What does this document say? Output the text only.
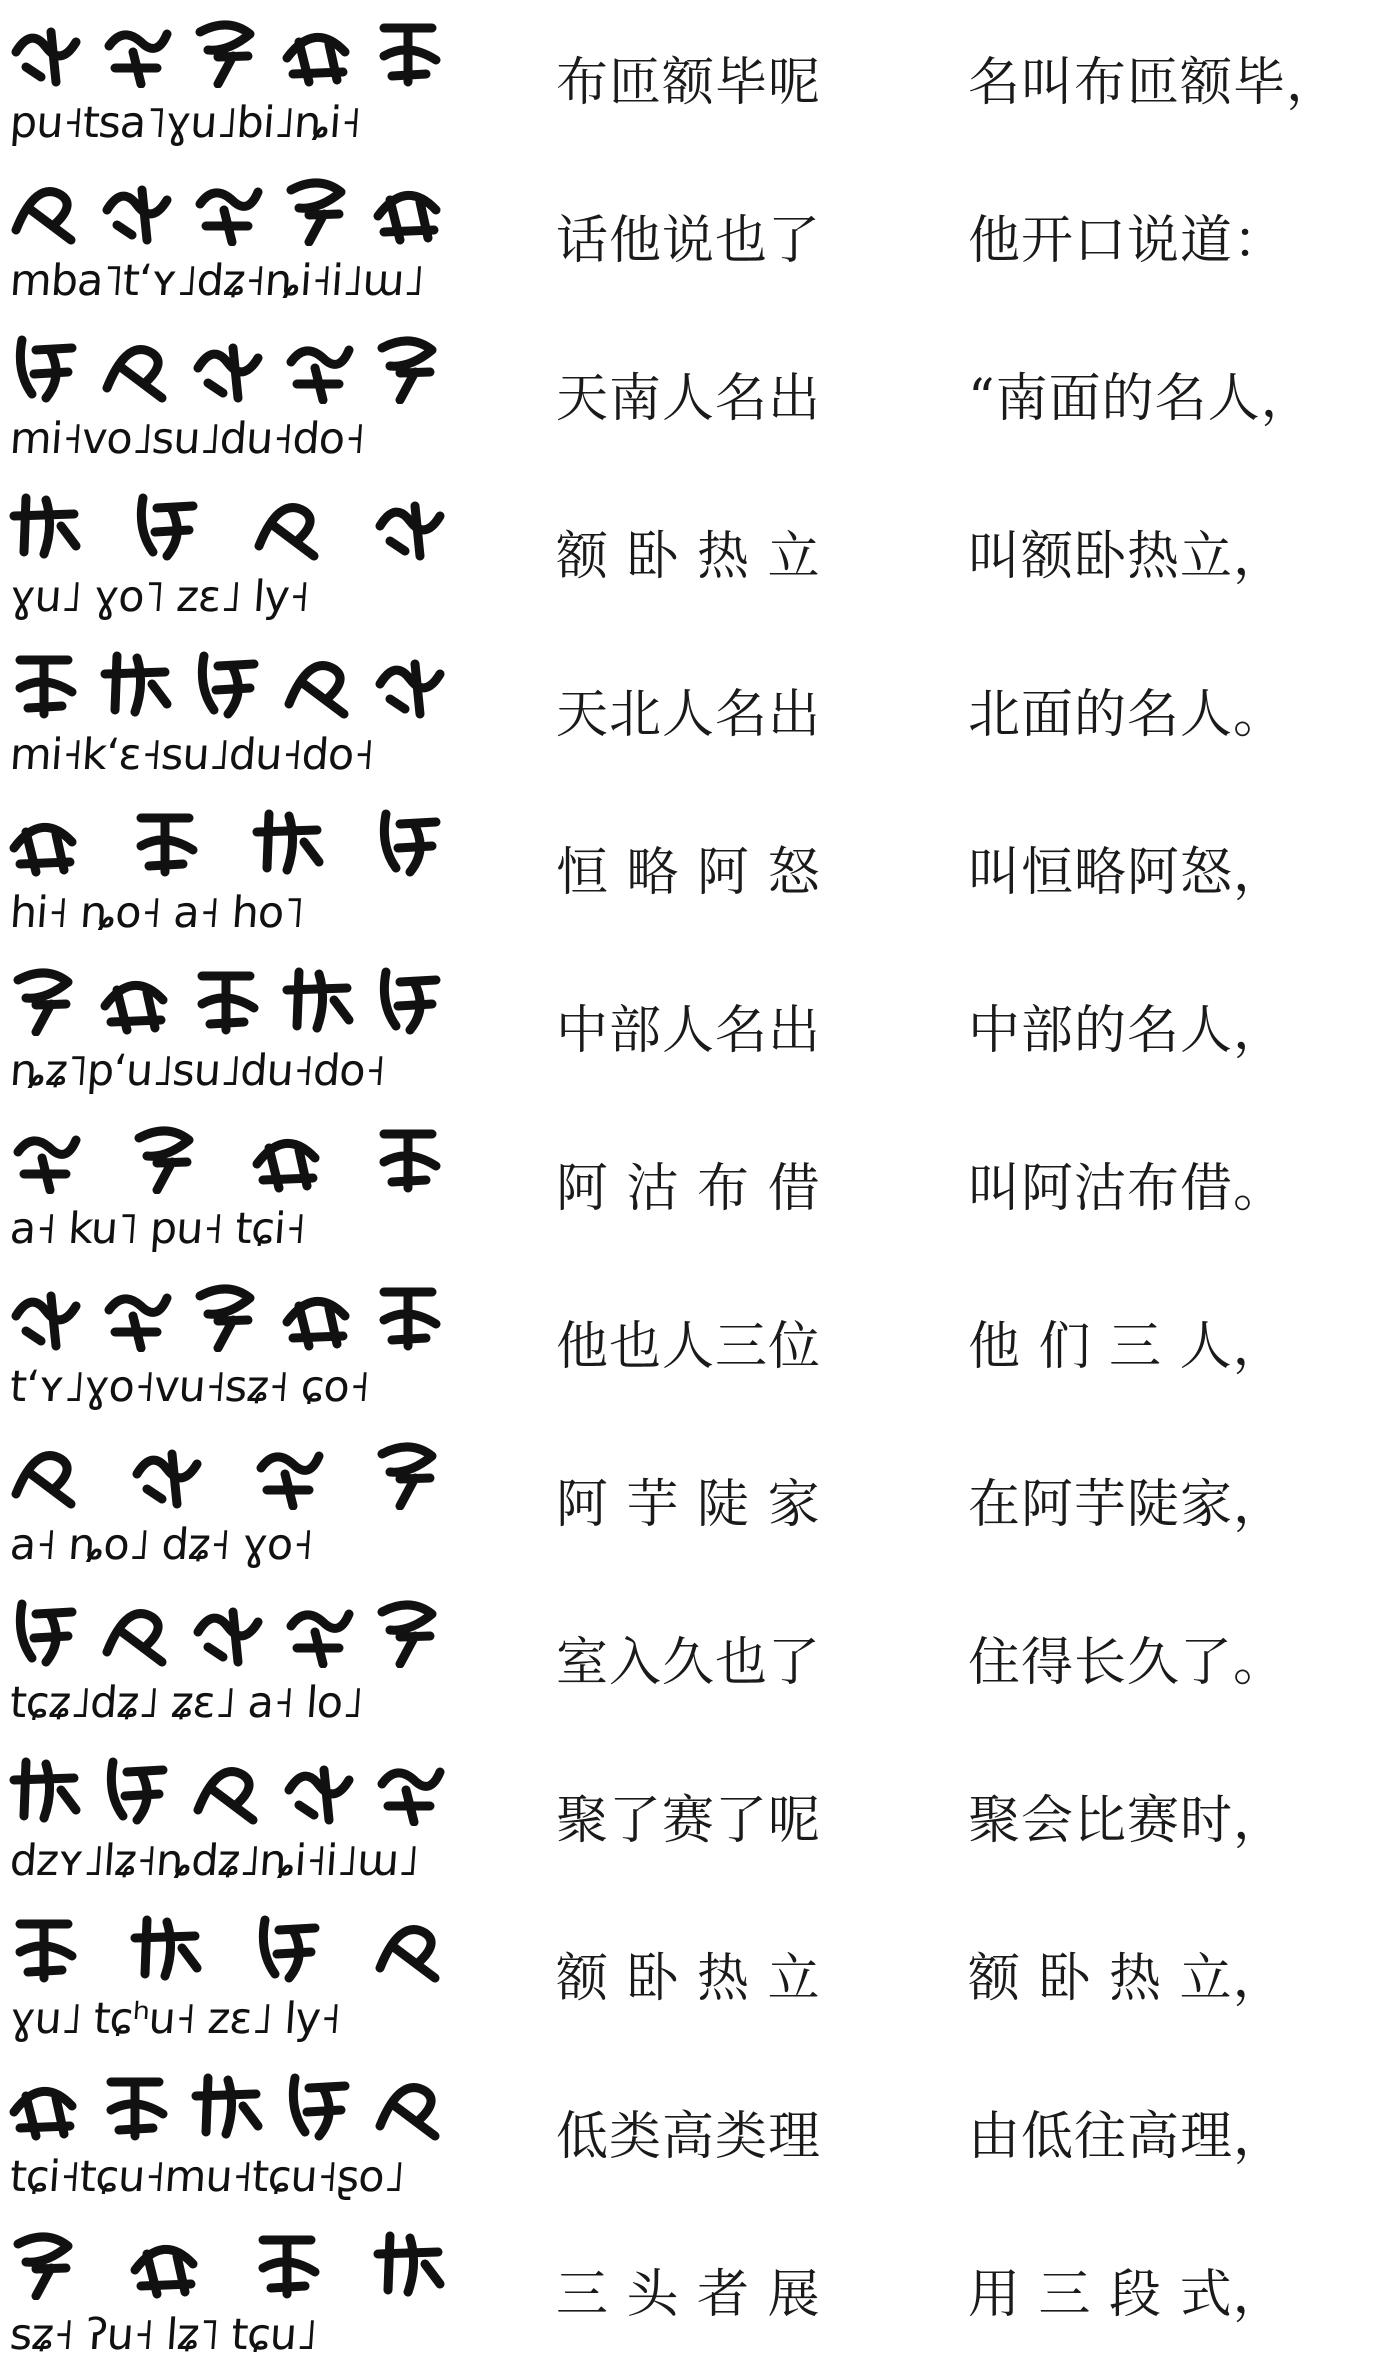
pu˧tsa˥ɣu˩bi˩ȵi˧
布匝额毕呢	名叫布匝额毕，
mba˥tʻʏ˩dʑ˧ȵi˧i˩ɯ˩
话他说也了	他开口说道：
mi˧vo˩su˩du˧do˧
天南人名出	“南面的名人，
ɣu˩ ɣo˥ zɛ˩ ly˧
额 卧 热 立	叫额卧热立，
mi˧kʻɛ˧su˩du˧do˧
天北人名出	北面的名人。
hi˧ ȵo˧ a˧ ho˥
恒 略 阿 怒	叫恒略阿怒，
ȵʑ˥pʻu˩su˩du˧do˧
中部人名出	中部的名人，
a˧ ku˥ pu˧ tɕi˧
阿 沽 布 借	叫阿沽布借。
tʻʏ˩ɣo˧vu˧sʑ˧ ɕo˧
他也人三位	他 们 三 人，
a˧ ȵo˩ dʑ˧ ɣo˧
阿 芋 陡 家	在阿芋陡家，
tɕʑ˩dʑ˩ ʑɛ˩ a˧ lo˩
室入久也了	住得长久了。
dzʏ˩lʑ˧ȵdʑ˩ȵi˧i˩ɯ˩
聚了赛了呢	聚会比赛时，
ɣu˩ tɕʰu˧ zɛ˩ ly˧
额 卧 热 立	额 卧 热 立，
tɕi˧tɕu˧mu˧tɕu˧ʂo˩
低类高类理	由低往高理，
sʑ˧ ʔu˧ lʑ˥ tɕu˩
三 头 者 展	用 三 段 式，
